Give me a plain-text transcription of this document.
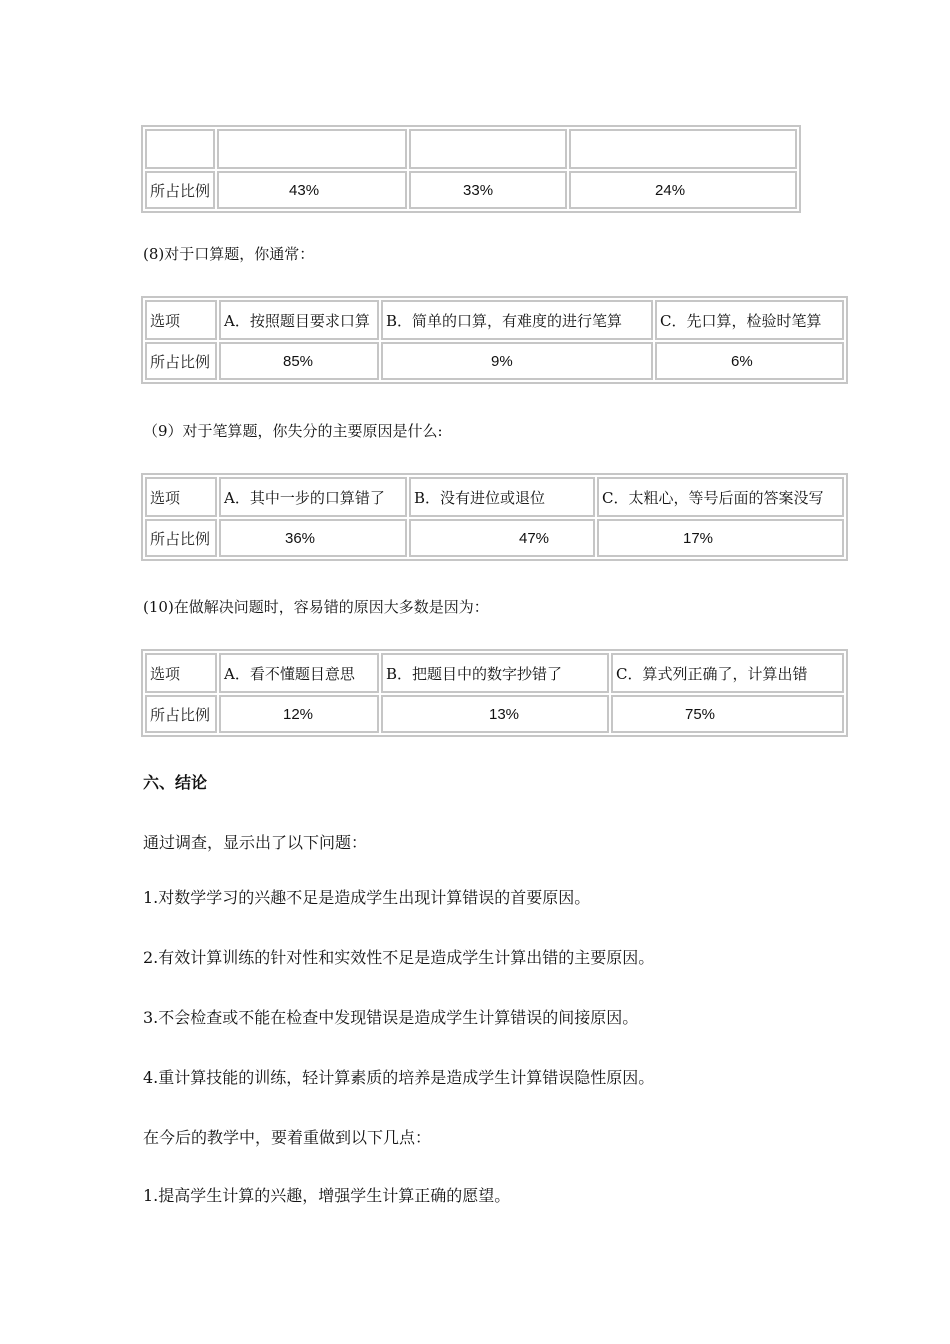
所占比例	43%	33%	24%
(8)对于口算题，你通常：
选项	A．按照题目要求口算	B．简单的口算，有难度的进行笔算	C．先口算，检验时笔算
所占比例	85%	9%	6%
（9）对于笔算题，你失分的主要原因是什么:
选项	A．其中一步的口算错了	B．没有进位或退位	C．太粗心，等号后面的答案没写
所占比例	36%	47%	17%
(10)在做解决问题时，容易错的原因大多数是因为：
选项	A．看不懂题目意思	B．把题目中的数字抄错了	C．算式列正确了，计算出错
所占比例	12%	13%	75%
六、结论
通过调查，显示出了以下问题：
1.对数学学习的兴趣不足是造成学生出现计算错误的首要原因。
2.有效计算训练的针对性和实效性不足是造成学生计算出错的主要原因。
3.不会检查或不能在检查中发现错误是造成学生计算错误的间接原因。
4.重计算技能的训练，轻计算素质的培养是造成学生计算错误隐性原因。
在今后的教学中，要着重做到以下几点：
1.提高学生计算的兴趣，增强学生计算正确的愿望。
